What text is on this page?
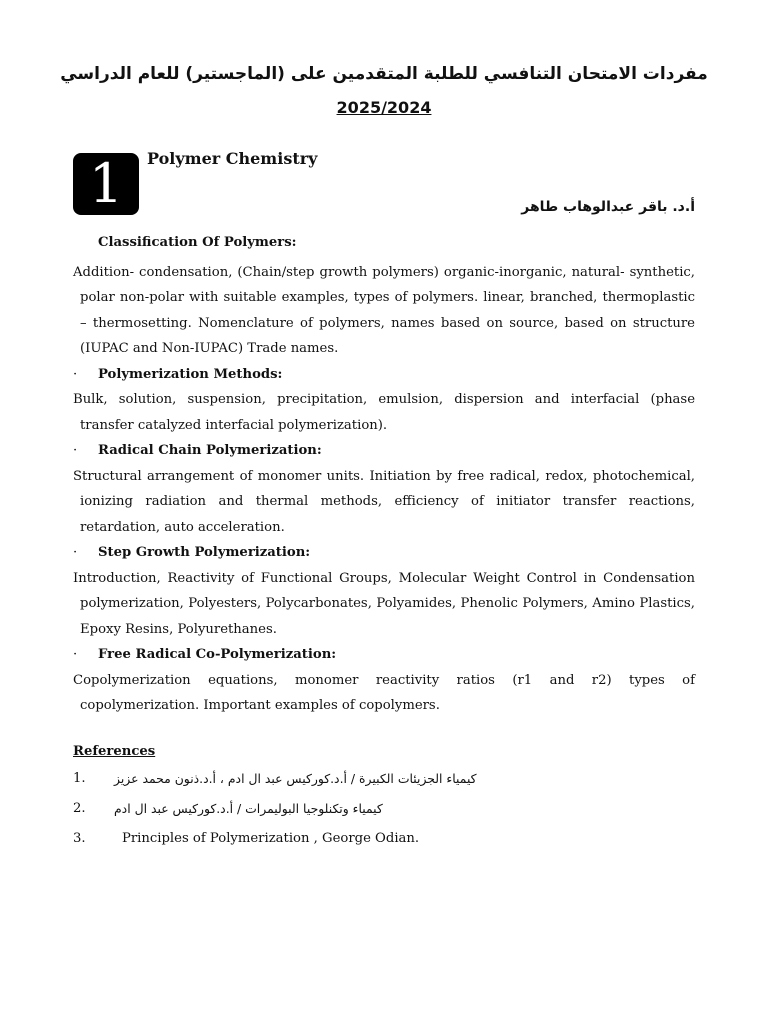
مفردات الامتحان التنافسي للطلبة المتقدمين على (الماجستير) للعام الدراسي
2025/2024
1 Polymer Chemistry
أ.د. باقر عبدالوهاب طاهر
Classification Of Polymers:
Addition- condensation, (Chain/step growth polymers) organic-inorganic, natural- synthetic, polar non-polar with suitable examples, types of polymers. linear, branched, thermoplastic – thermosetting. Nomenclature of polymers, names based on source, based on structure (IUPAC and Non-IUPAC) Trade names.
· Polymerization Methods:
Bulk, solution, suspension, precipitation, emulsion, dispersion and interfacial (phase transfer catalyzed interfacial polymerization).
· Radical Chain Polymerization:
Structural arrangement of monomer units. Initiation by free radical, redox, photochemical, ionizing radiation and thermal methods, efficiency of initiator transfer reactions, retardation, auto acceleration.
· Step Growth Polymerization:
Introduction, Reactivity of Functional Groups, Molecular Weight Control in Condensation polymerization, Polyesters, Polycarbonates, Polyamides, Phenolic Polymers, Amino Plastics, Epoxy Resins, Polyurethanes.
· Free Radical Co-Polymerization:
Copolymerization equations, monomer reactivity ratios (r1 and r2) types of copolymerization. Important examples of copolymers.
References
1. كيمياء الجزيئات الكبيرة / أ.د.كوركيس عبد ال ادم ، أ.د.ذنون محمد عزيز
2. كيمياء وتكنلوجيا البوليمرات / أ.د.كوركيس عبد ال ادم
3.	Principles of Polymerization , George Odian.
